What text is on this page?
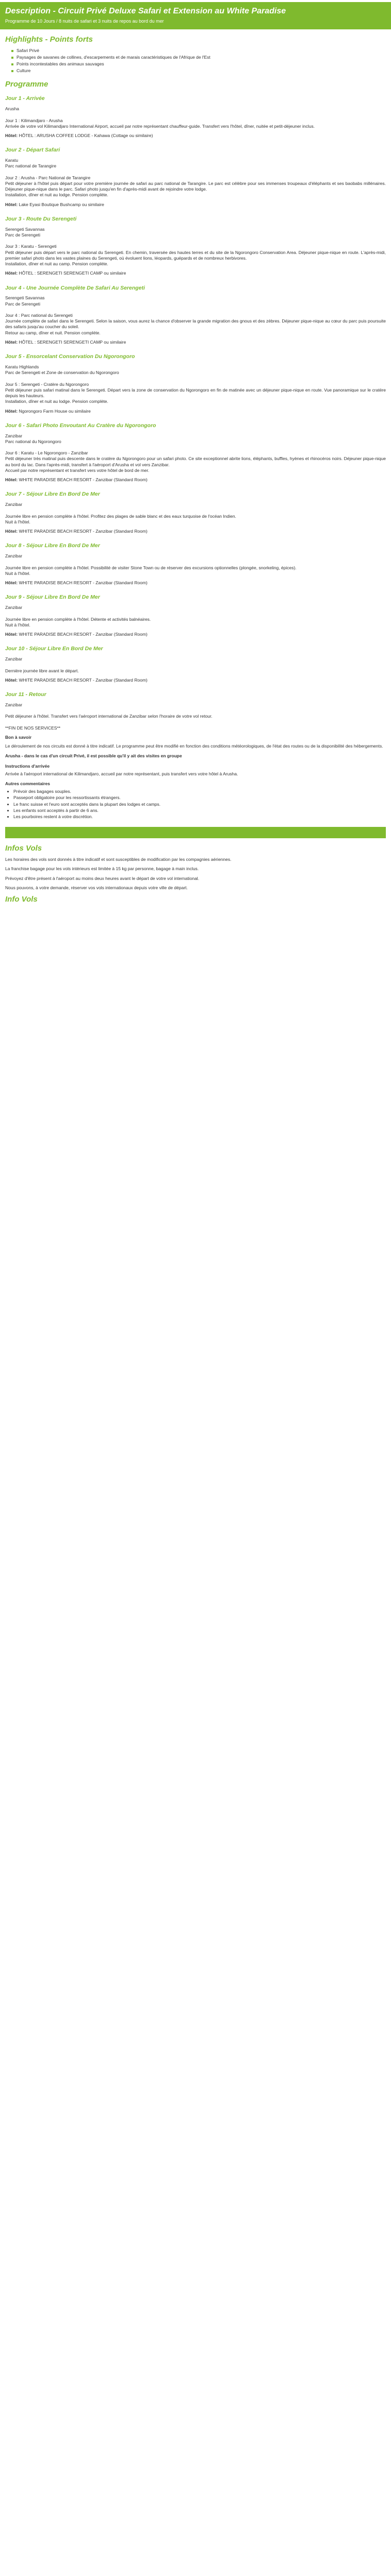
Description - Circuit Privé Deluxe Safari et Extension au White Paradise
Programme de 10 Jours / 8 nuits de safari et 3 nuits de repos au bord du mer
Highlights - Points forts
Safari Privé
Paysages de savanes de collines, d'escarpements et de marais caractéristiques de l'Afrique de l'Est
Points incontestables des animaux sauvages
Culture
Programme
Jour 1 - Arrivée
Arusha

Jour 1 : Kilimandjaro - Arusha
Arrivée de votre vol Kilimandjaro International Airport, accueil par notre représentant chauffeur-guide. Transfert vers l'hôtel, dîner, nuitée et petit-déjeuner inclus.
Hôtel: HÔTEL : ARUSHA COFFEE LODGE - Kahawa (Cottage ou similaire)
Jour 2 - Départ Safari
Karatu
Parc national de Tarangire

Jour 2 : Arusha - Parc National de Tarangire
Petit déjeuner à l'hôtel puis départ pour votre première journée de safari au parc national de Tarangire. Le parc est célèbre pour ses immenses troupeaux d'éléphants et ses baobabs millénaires. Déjeuner pique-nique dans le parc. Safari photo jusqu'en fin d'après-midi avant de rejoindre votre lodge.
Installation, dîner et nuit au lodge. Pension complète.
Hôtel: Lake Eyasi Boutique Bushcamp ou similaire
Jour 3 - Route Du Serengeti
Serengeti Savannas
Parc de Serengeti

Jour 3 : Karatu - Serengeti
Petit déjeuner puis départ vers le parc national du Serengeti. En chemin, traversée des hautes terres et du site de la Ngorongoro Conservation Area. Déjeuner pique-nique en route. L'après-midi, premier safari photo dans les vastes plaines du Serengeti, où évoluent lions, léopards, guépards et de nombreux herbivores.
Installation, dîner et nuit au camp. Pension complète.
Hôtel: HÔTEL : SERENGETI SERENGETI CAMP ou similaire
Jour 4 - Une Journée Complète De Safari Au Serengeti
Serengeti Savannas
Parc de Serengeti

Jour 4 : Parc national du Serengeti
Journée complète de safari dans le Serengeti. Selon la saison, vous aurez la chance d'observer la grande migration des gnous et des zèbres. Déjeuner pique-nique au cœur du parc puis poursuite des safaris jusqu'au coucher du soleil.
Retour au camp, dîner et nuit. Pension complète.
Hôtel: HÔTEL : SERENGETI SERENGETI CAMP ou similaire
Jour 5 - Ensorcelant Conservation Du Ngorongoro
Karatu Highlands
Parc de Serengeti et Zone de conservation du Ngorongoro

Jour 5 : Serengeti - Cratère du Ngorongoro
Petit déjeuner puis safari matinal dans le Serengeti. Départ vers la zone de conservation du Ngorongoro en fin de matinée avec un déjeuner pique-nique en route. Vue panoramique sur le cratère depuis les hauteurs.
Installation, dîner et nuit au lodge. Pension complète.
Hôtel: Ngorongoro Farm House ou similaire
Jour 6 - Safari Photo Envoutant Au Cratère du Ngorongoro
Zanzibar
Parc national du Ngorongoro

Jour 6 : Karatu - Le Ngorongoro - Zanzibar
Petit déjeuner très matinal puis descente dans le cratère du Ngorongoro pour un safari photo. Ce site exceptionnel abrite lions, éléphants, buffles, hyènes et rhinocéros noirs. Déjeuner pique-nique au bord du lac. Dans l'après-midi, transfert à l'aéroport d'Arusha et vol vers Zanzibar.
Accueil par notre représentant et transfert vers votre hôtel de bord de mer.
Hôtel: WHITE PARADISE BEACH RESORT - Zanzibar (Standard Room)
Jour 7 - Séjour Libre En Bord De Mer
Zanzibar

Journée libre en pension complète à l'hôtel. Profitez des plages de sable blanc et des eaux turquoise de l'océan Indien.
Nuit à l'hôtel.
Hôtel: WHITE PARADISE BEACH RESORT - Zanzibar (Standard Room)
Jour 8 - Séjour Libre En Bord De Mer
Zanzibar

Journée libre en pension complète à l'hôtel. Possibilité de visiter Stone Town ou de réserver des excursions optionnelles (plongée, snorkeling, épices).
Nuit à l'hôtel.
Hôtel: WHITE PARADISE BEACH RESORT - Zanzibar (Standard Room)
Jour 9 - Séjour Libre En Bord De Mer
Zanzibar

Journée libre en pension complète à l'hôtel. Détente et activités balnéaires.
Nuit à l'hôtel.
Hôtel: WHITE PARADISE BEACH RESORT - Zanzibar (Standard Room)
Jour 10 - Séjour Libre En Bord De Mer
Zanzibar

Dernière journée libre avant le départ.
Hôtel: WHITE PARADISE BEACH RESORT - Zanzibar (Standard Room)
Jour 11 - Retour
Zanzibar

Petit déjeuner à l'hôtel. Transfert vers l'aéroport international de Zanzibar selon l'horaire de votre vol retour.

**FIN DE NOS SERVICES**
Bon à savoir

Le déroulement de nos circuits est donné à titre indicatif. Le programme peut être modifié en fonction des conditions météorologiques, de l'état des routes ou de la disponibilité des hébergements.

Arusha - dans le cas d'un circuit Privé, il est possible qu'il y ait des visites en groupe
Instructions d'arrivée

Arrivée à l'aéroport international de Kilimandjaro, accueil par notre représentant, puis transfert vers votre hôtel à Arusha.

Autres commentaires
• Prévoir des bagages souples.
• Passeport obligatoire pour les ressortissants étrangers.
• Le franc suisse et l'euro sont acceptés dans la plupart des lodges et camps.
• Les enfants sont acceptés à partir de 6 ans.
• Les pourboires restent à votre discrétion.
Infos Vols

Les horaires des vols sont donnés à titre indicatif et sont susceptibles de modification par les compagnies aériennes.

La franchise bagage pour les vols intérieurs est limitée à 15 kg par personne, bagage à main inclus.

Prévoyez d'être présent à l'aéroport au moins deux heures avant le départ de votre vol international.

Nous pouvons, à votre demande, réserver vos vols internationaux depuis votre ville de départ.

Info Vols
